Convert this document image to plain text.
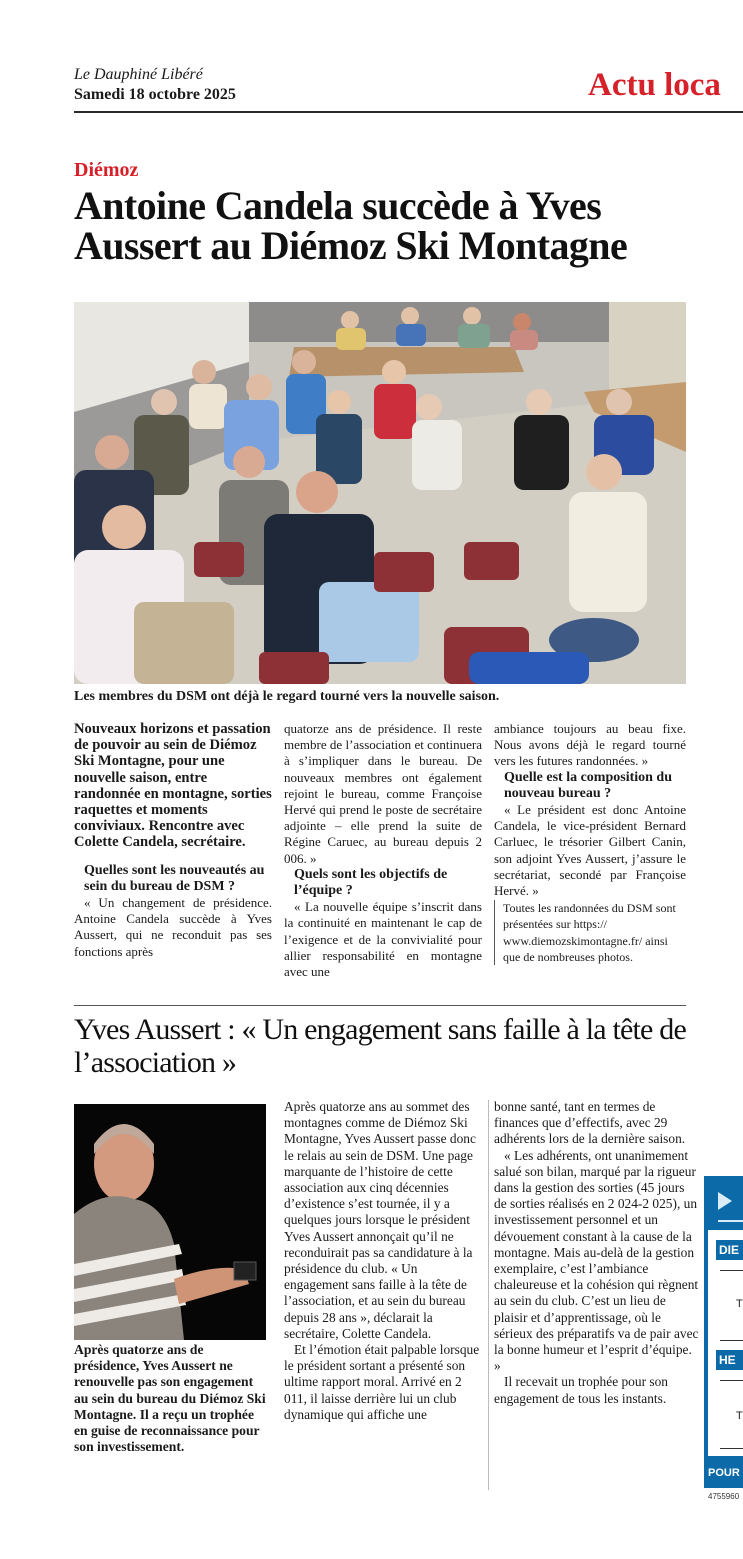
Le Dauphiné Libéré
Samedi 18 octobre 2025	Actu loca
Diémoz
Antoine Candela succède à Yves Aussert au Diémoz Ski Montagne
Les membres du DSM ont déjà le regard tourné vers la nouvelle saison.

Nouveaux horizons et passation de pouvoir au sein de Diémoz Ski Montagne, pour une nouvelle saison, entre randonnée en montagne, sorties raquettes et moments conviviaux. Rencontre avec Colette Candela, secrétaire.

Quelles sont les nouveautés au sein du bureau de DSM ?

« Un changement de présidence. Antoine Candela succède à Yves Aussert, qui ne reconduit pas ses fonctions après

quatorze ans de présidence. Il reste membre de l’association et continuera à s’impliquer dans le bureau. De nouveaux membres ont également rejoint le bureau, comme Françoise Hervé qui prend le poste de secrétaire adjointe – elle prend la suite de Régine Caruec, au bureau depuis 2 006. »

Quels sont les objectifs de l’équipe ?

« La nouvelle équipe s’inscrit dans la continuité en maintenant le cap de l’exigence et de la convivialité pour allier responsabilité en montagne avec une

ambiance toujours au beau fixe. Nous avons déjà le regard tourné vers les futures randonnées. »

Quelle est la composition du nouveau bureau ?

« Le président est donc Antoine Candela, le vice-président Bernard Carluec, le trésorier Gilbert Canin, son adjoint Yves Aussert, j’assure le secrétariat, secondé par Françoise Hervé. »

Toutes les randonnées du DSM sont présentées sur https:// www.diemozskimontagne.fr/ ainsi que de nombreuses photos.

Yves Aussert : « Un engagement sans faille à la tête de l’association »
Après quatorze ans de présidence, Yves Aussert ne renouvelle pas son engagement au sein du bureau du Diémoz Ski Montagne. Il a reçu un trophée en guise de reconnaissance pour son investissement.

Après quatorze ans au sommet des montagnes comme de Diémoz Ski Montagne, Yves Aussert passe donc le relais au sein de DSM. Une page marquante de l’histoire de cette association aux cinq décennies d’existence s’est tournée, il y a quelques jours lorsque le président Yves Aussert annonçait qu’il ne reconduirait pas sa candidature à la présidence du club. « Un engagement sans faille à la tête de l’association, et au sein du bureau depuis 28 ans », déclarait la secrétaire, Colette Candela.

Et l’émotion était palpable lorsque le président sortant a présenté son ultime rapport moral. Arrivé en 2 011, il laisse derrière lui un club dynamique qui affiche une

bonne santé, tant en termes de finances que d’effectifs, avec 29 adhérents lors de la dernière saison.

« Les adhérents, ont unanimement salué son bilan, marqué par la rigueur dans la gestion des sorties (45 jours de sorties réalisés en 2 024-2 025), un investissement personnel et un dévouement constant à la cause de la montagne. Mais au-delà de la gestion exemplaire, c’est l’ambiance chaleureuse et la cohésion qui règnent au sein du club. C’est un lieu de plaisir et d’apprentissage, où le sérieux des préparatifs va de pair avec la bonne humeur et l’esprit d’équipe. »

Il recevait un trophée pour son engagement de tous les instants.

DIE
T
HE
T
POUR
4755960
